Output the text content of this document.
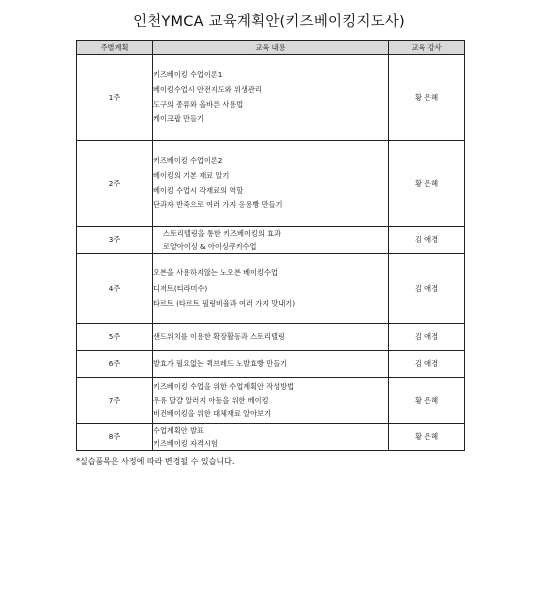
인천YMCA 교육계획안(키즈베이킹지도사)
주별계획	교육 내용	교육 강사
1주	키즈베이킹 수업이론1
베이킹수업시 안전지도와 위생관리
도구의 종류와 올바른 사용법
케이크팝 만들기	황 은혜
2주	키즈베이킹 수업이론2
베이킹의 기본 재료 알기
베이킹 수업시 각재료의 역할
단과자 반죽으로 여러 가지 응용빵 만들기	황 은혜
3주	스토리텔링을 통한 키즈베이킹의 효과
로얄아이싱 & 아이싱쿠키수업	김 애경
4주	오븐을 사용하지않는 노오븐 베이킹수업
디저트(티라미수)
타르트 (타르트 필링비율과 여러 가지 맛내기)	김 애경
5주	샌드위치를 이용한 확장활동과 스토리텔링	김 애경
6주	발효가 필요없는 퀵브레드 노발효빵 만들기	김 애경
7주	키즈베이킹 수업을 위한 수업계획안 작성방법
우유 달걀 알러지 아동을 위한 베이킹
비건베이킹을 위한 대체재료 알아보기	황 은혜
8주	수업계획안 발표
키즈베이킹 자격시험	황 은혜
*실습품목은 사정에 따라 변경될 수 있습니다.
